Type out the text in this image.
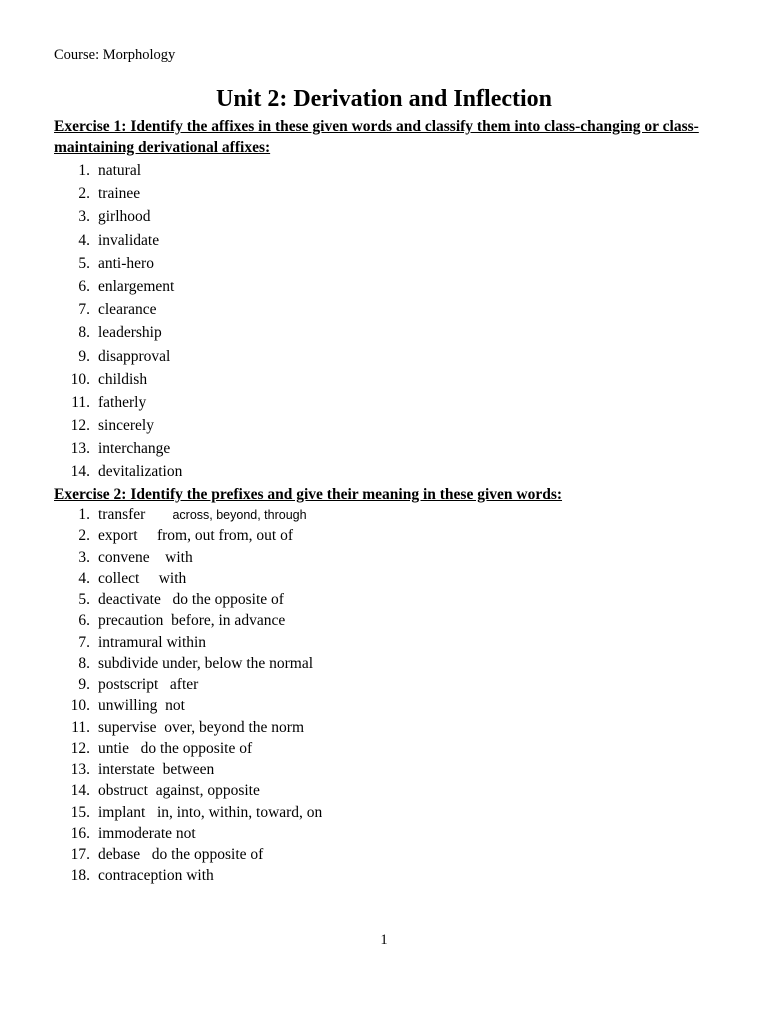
Course: Morphology
Unit 2: Derivation and Inflection
Exercise 1: Identify the affixes in these given words and classify them into class-changing or class-maintaining derivational affixes:
1. natural
2. trainee
3. girlhood
4. invalidate
5. anti-hero
6. enlargement
7. clearance
8. leadership
9. disapproval
10. childish
11. fatherly
12. sincerely
13. interchange
14. devitalization
Exercise 2: Identify the prefixes and give their meaning in these given words:
1. transfer across, beyond, through
2. export from, out from, out of
3. convene with
4. collect with
5. deactivate do the opposite of
6. precaution before, in advance
7. intramural within
8. subdivide under, below the normal
9. postscript after
10. unwilling not
11. supervise over, beyond the norm
12. untie do the opposite of
13. interstate between
14. obstruct against, opposite
15. implant in, into, within, toward, on
16. immoderate not
17. debase do the opposite of
18. contraception with
1
